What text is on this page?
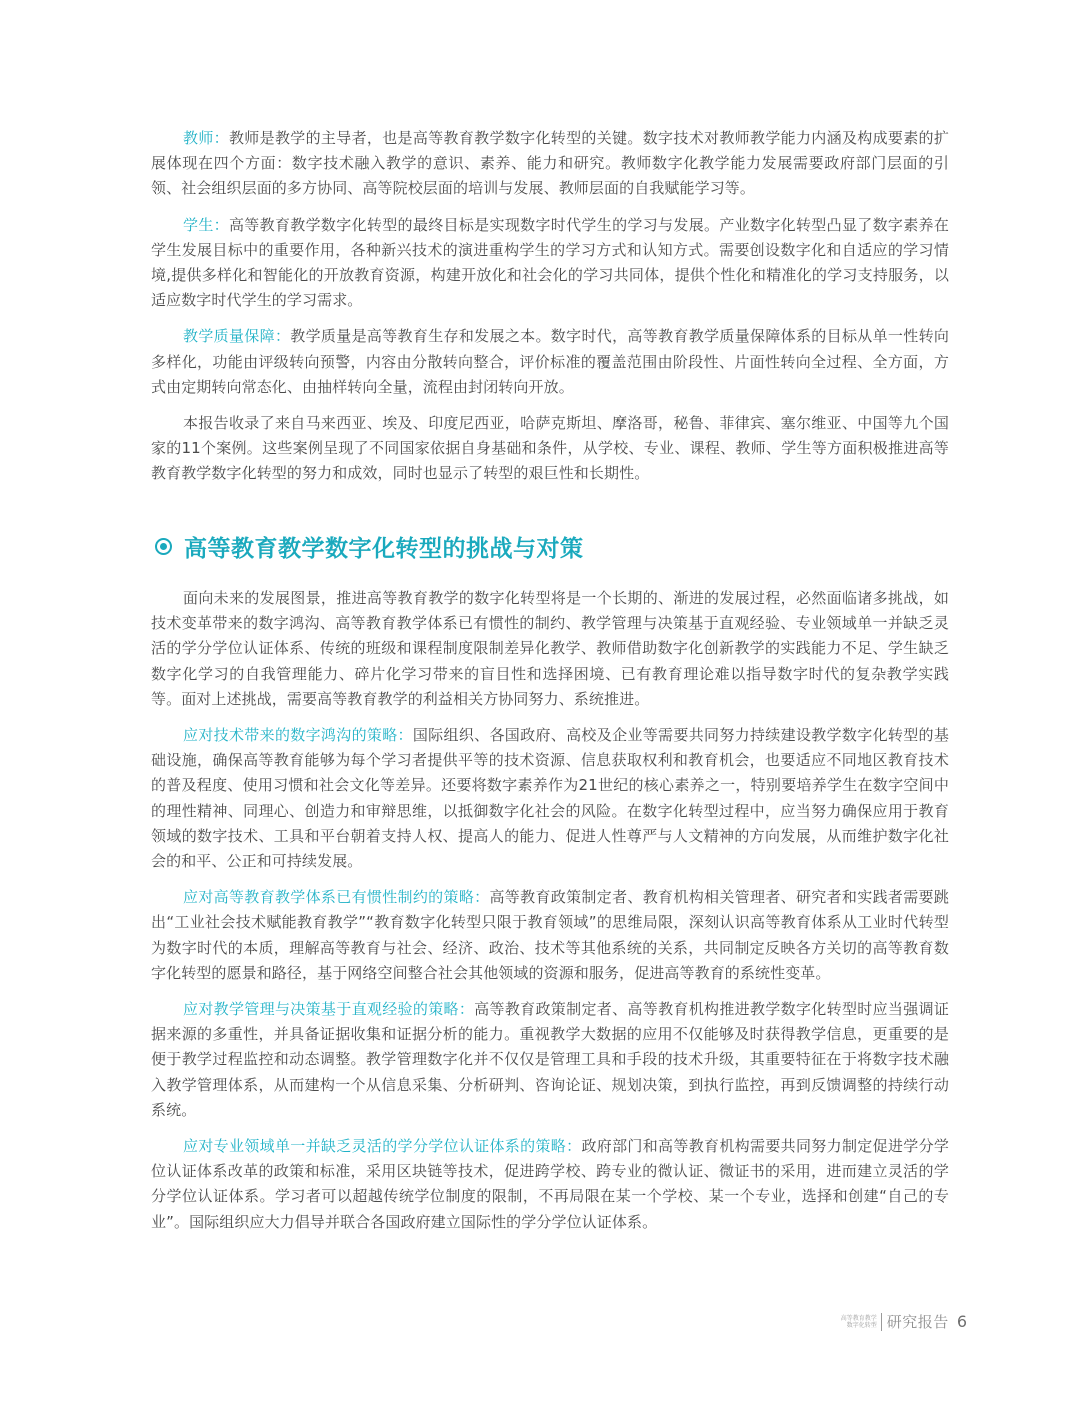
教师：教师是教学的主导者，也是高等教育教学数字化转型的关键。数字技术对教师教学能力内涵及构成要素的扩展体现在四个方面：数字技术融入教学的意识、素养、能力和研究。教师数字化教学能力发展需要政府部门层面的引领、社会组织层面的多方协同、高等院校层面的培训与发展、教师层面的自我赋能学习等。

学生：高等教育教学数字化转型的最终目标是实现数字时代学生的学习与发展。产业数字化转型凸显了数字素养在学生发展目标中的重要作用，各种新兴技术的演进重构学生的学习方式和认知方式。需要创设数字化和自适应的学习情境,提供多样化和智能化的开放教育资源，构建开放化和社会化的学习共同体，提供个性化和精准化的学习支持服务，以适应数字时代学生的学习需求。

教学质量保障：教学质量是高等教育生存和发展之本。数字时代，高等教育教学质量保障体系的目标从单一性转向多样化，功能由评级转向预警，内容由分散转向整合，评价标准的覆盖范围由阶段性、片面性转向全过程、全方面，方式由定期转向常态化、由抽样转向全量，流程由封闭转向开放。

本报告收录了来自马来西亚、埃及、印度尼西亚，哈萨克斯坦、摩洛哥，秘鲁、菲律宾、塞尔维亚、中国等九个国家的11个案例。这些案例呈现了不同国家依据自身基础和条件，从学校、专业、课程、教师、学生等方面积极推进高等教育教学数字化转型的努力和成效，同时也显示了转型的艰巨性和长期性。

高等教育教学数字化转型的挑战与对策

面向未来的发展图景，推进高等教育教学的数字化转型将是一个长期的、渐进的发展过程，必然面临诸多挑战，如技术变革带来的数字鸿沟、高等教育教学体系已有惯性的制约、教学管理与决策基于直观经验、专业领域单一并缺乏灵活的学分学位认证体系、传统的班级和课程制度限制差异化教学、教师借助数字化创新教学的实践能力不足、学生缺乏数字化学习的自我管理能力、碎片化学习带来的盲目性和选择困境、已有教育理论难以指导数字时代的复杂教学实践等。面对上述挑战，需要高等教育教学的利益相关方协同努力、系统推进。

应对技术带来的数字鸿沟的策略：国际组织、各国政府、高校及企业等需要共同努力持续建设教学数字化转型的基础设施，确保高等教育能够为每个学习者提供平等的技术资源、信息获取权利和教育机会，也要适应不同地区教育技术的普及程度、使用习惯和社会文化等差异。还要将数字素养作为21世纪的核心素养之一，特别要培养学生在数字空间中的理性精神、同理心、创造力和审辩思维，以抵御数字化社会的风险。在数字化转型过程中，应当努力确保应用于教育领域的数字技术、工具和平台朝着支持人权、提高人的能力、促进人性尊严与人文精神的方向发展，从而维护数字化社会的和平、公正和可持续发展。

应对高等教育教学体系已有惯性制约的策略：高等教育政策制定者、教育机构相关管理者、研究者和实践者需要跳出“工业社会技术赋能教育教学”“教育数字化转型只限于教育领域”的思维局限，深刻认识高等教育体系从工业时代转型为数字时代的本质，理解高等教育与社会、经济、政治、技术等其他系统的关系，共同制定反映各方关切的高等教育数字化转型的愿景和路径，基于网络空间整合社会其他领域的资源和服务，促进高等教育的系统性变革。

应对教学管理与决策基于直观经验的策略：高等教育政策制定者、高等教育机构推进教学数字化转型时应当强调证据来源的多重性，并具备证据收集和证据分析的能力。重视教学大数据的应用不仅能够及时获得教学信息，更重要的是便于教学过程监控和动态调整。教学管理数字化并不仅仅是管理工具和手段的技术升级，其重要特征在于将数字技术融入教学管理体系，从而建构一个从信息采集、分析研判、咨询论证、规划决策，到执行监控，再到反馈调整的持续行动系统。

应对专业领域单一并缺乏灵活的学分学位认证体系的策略：政府部门和高等教育机构需要共同努力制定促进学分学位认证体系改革的政策和标准，采用区块链等技术，促进跨学校、跨专业的微认证、微证书的采用，进而建立灵活的学分学位认证体系。学习者可以超越传统学位制度的限制，不再局限在某一个学校、某一个专业，选择和创建“自己的专业”。国际组织应大力倡导并联合各国政府建立国际性的学分学位认证体系。

高等教育教学
数字化转型 研究报告 6
